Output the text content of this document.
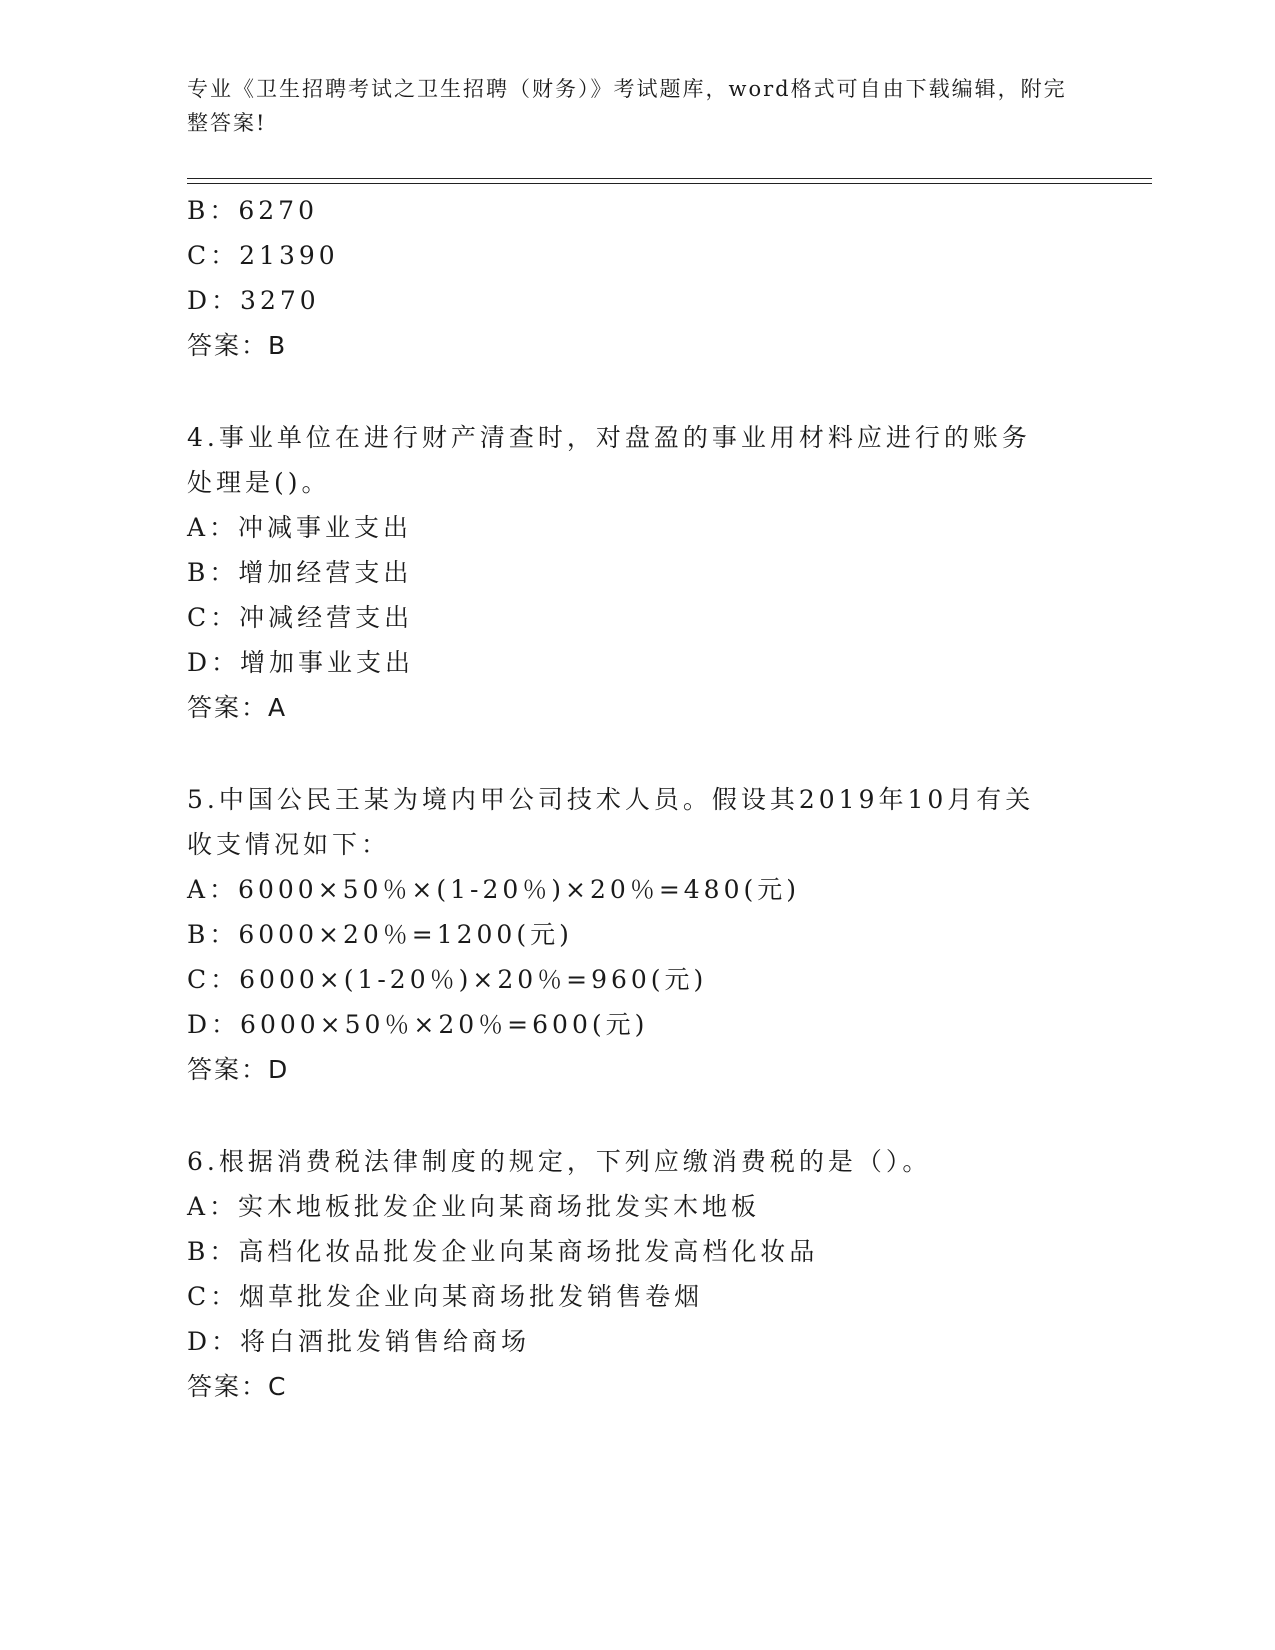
专业《卫生招聘考试之卫生招聘（财务）》考试题库，word格式可自由下载编辑，附完整答案!
B：6270
C：21390
D：3270
答案：B
4.事业单位在进行财产清查时，对盘盈的事业用材料应进行的账务处理是()。
A：冲减事业支出
B：增加经营支出
C：冲减经营支出
D：增加事业支出
答案：A
5.中国公民王某为境内甲公司技术人员。假设其2019年10月有关收支情况如下：
A：6000×50％×(1-20％)×20％=480(元)
B：6000×20％=1200(元)
C：6000×(1-20％)×20％=960(元)
D：6000×50％×20％=600(元)
答案：D
6.根据消费税法律制度的规定，下列应缴消费税的是（）。
A：实木地板批发企业向某商场批发实木地板
B：高档化妆品批发企业向某商场批发高档化妆品
C：烟草批发企业向某商场批发销售卷烟
D：将白酒批发销售给商场
答案：C
